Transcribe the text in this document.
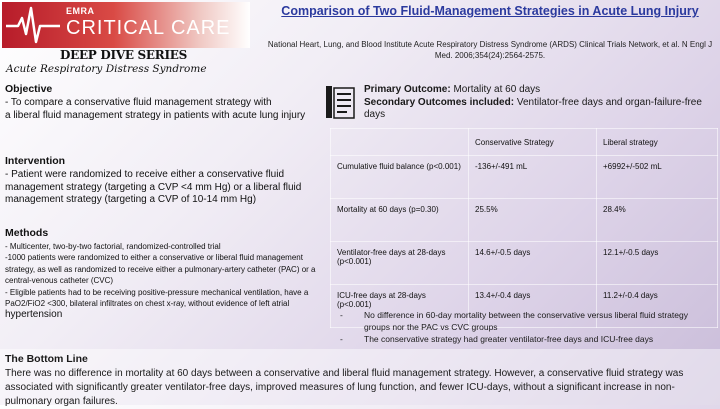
EMRA
CRITICAL CARE
DEEP DIVE SERIES
Acute Respiratory Distress Syndrome
Comparison of Two Fluid-Management Strategies in Acute Lung Injury
National Heart, Lung, and Blood Institute Acute Respiratory Distress Syndrome (ARDS) Clinical Trials Network, et al. N Engl J Med. 2006;354(24):2564-2575.
Objective
- To compare a conservative fluid management strategy with
a liberal fluid management strategy in patients with acute lung injury
Intervention
- Patient were randomized to receive either a conservative fluid management strategy (targeting a CVP <4 mm Hg) or a liberal fluid management strategy (targeting a CVP of 10-14 mm Hg)
Methods
- Multicenter, two-by-two factorial, randomized-controlled trial
-1000 patients were randomized to either a conservative or liberal fluid management strategy, as well as randomized to receive either a pulmonary-artery catheter (PAC) or a central-venous catheter (CVC)
- Eligible patients had to be receiving positive-pressure mechanical ventilation, have a PaO2/FiO2 <300, bilateral infiltrates on chest x-ray, without evidence of left atrial hypertension
Primary Outcome: Mortality at 60 days
Secondary Outcomes included: Ventilator-free days and organ-failure-free days
	Conservative Strategy	Liberal strategy
Cumulative fluid balance (p<0.001)	-136+/-491 mL	+6992+/-502 mL
Mortality at 60 days (p=0.30)	25.5%	28.4%
Ventilator-free days at 28-days (p<0.001)	14.6+/-0.5 days	12.1+/-0.5 days
ICU-free days at 28-days (p<0.001)	13.4+/-0.4 days	11.2+/-0.4 days
- No difference in 60-day mortality between the conservative versus liberal fluid strategy groups nor the PAC vs CVC groups
- The conservative strategy had greater ventilator-free days and ICU-free days
The Bottom Line
There was no difference in mortality at 60 days between a conservative and liberal fluid management strategy. However, a conservative fluid strategy was associated with significantly greater ventilator-free days, improved measures of lung function, and fewer ICU-days, without a significant increase in non-pulmonary organ failures.
